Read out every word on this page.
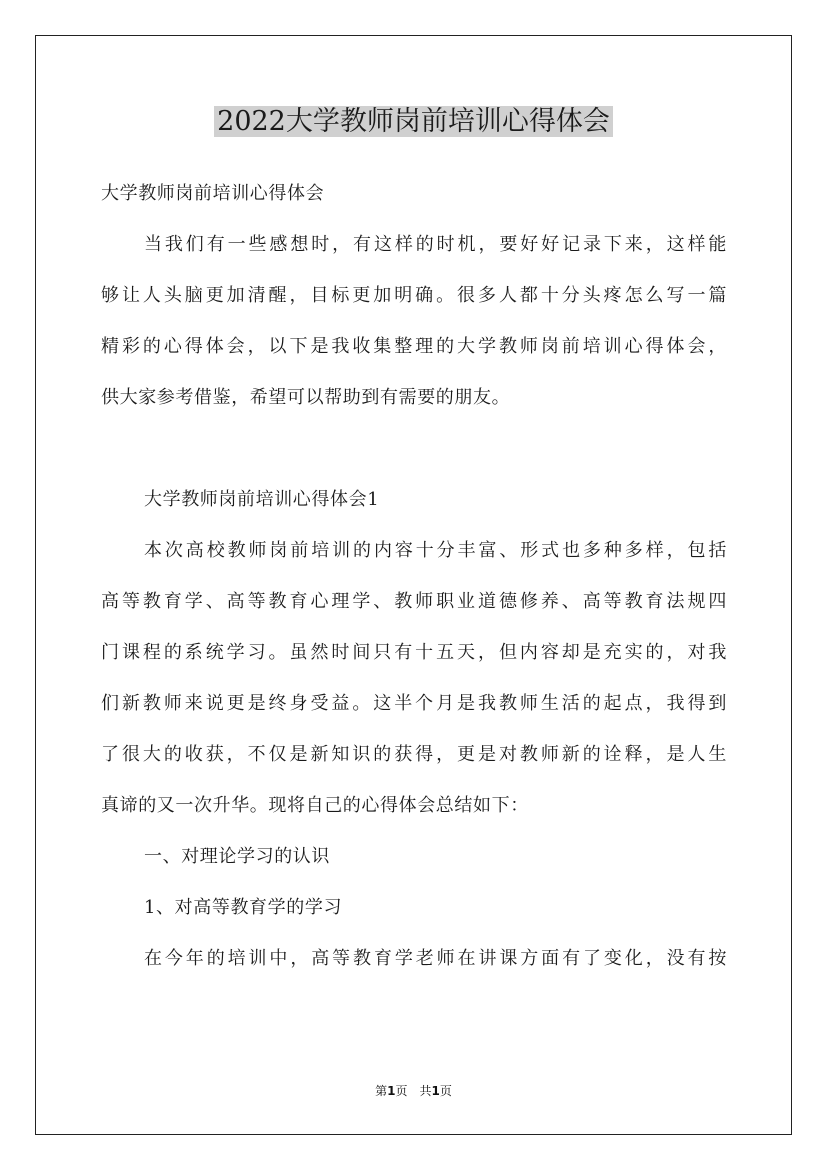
2022大学教师岗前培训心得体会
大学教师岗前培训心得体会
当我们有一些感想时，有这样的时机，要好好记录下来，这样能
够让人头脑更加清醒，目标更加明确。很多人都十分头疼怎么写一篇
精彩的心得体会，以下是我收集整理的大学教师岗前培训心得体会，
供大家参考借鉴，希望可以帮助到有需要的朋友。
大学教师岗前培训心得体会1
本次高校教师岗前培训的内容十分丰富、形式也多种多样，包括
高等教育学、高等教育心理学、教师职业道德修养、高等教育法规四
门课程的系统学习。虽然时间只有十五天，但内容却是充实的，对我
们新教师来说更是终身受益。这半个月是我教师生活的起点，我得到
了很大的收获，不仅是新知识的获得，更是对教师新的诠释，是人生
真谛的又一次升华。现将自己的心得体会总结如下：
一、对理论学习的认识
1、对高等教育学的学习
在今年的培训中，高等教育学老师在讲课方面有了变化，没有按
第1页　共1页
